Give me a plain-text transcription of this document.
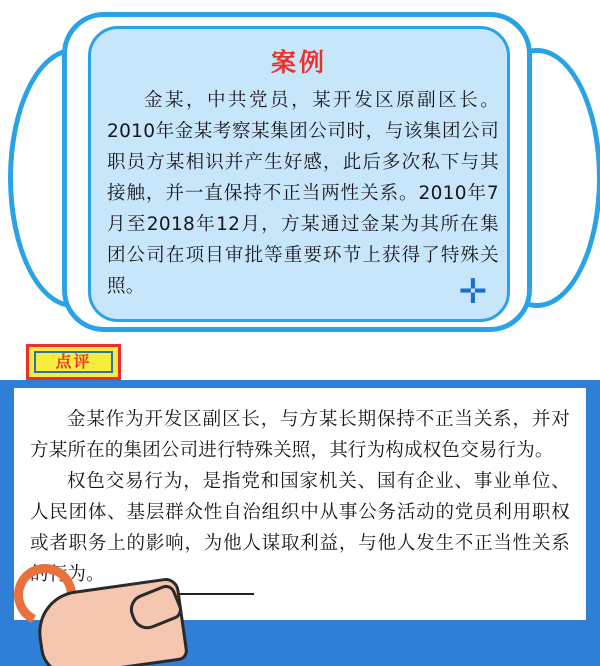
案例
金某，中共党员，某开发区原副区长。2010年金某考察某集团公司时，与该集团公司职员方某相识并产生好感，此后多次私下与其接触，并一直保持不正当两性关系。2010年7月至2018年12月，方某通过金某为其所在集团公司在项目审批等重要环节上获得了特殊关照。	✛
点评

金某作为开发区副区长，与方某长期保持不正当关系，并对方某所在的集团公司进行特殊关照，其行为构成权色交易行为。

权色交易行为，是指党和国家机关、国有企业、事业单位、人民团体、基层群众性自治组织中从事公务活动的党员利用职权或者职务上的影响，为他人谋取利益，与他人发生不正当性关系的行为。
